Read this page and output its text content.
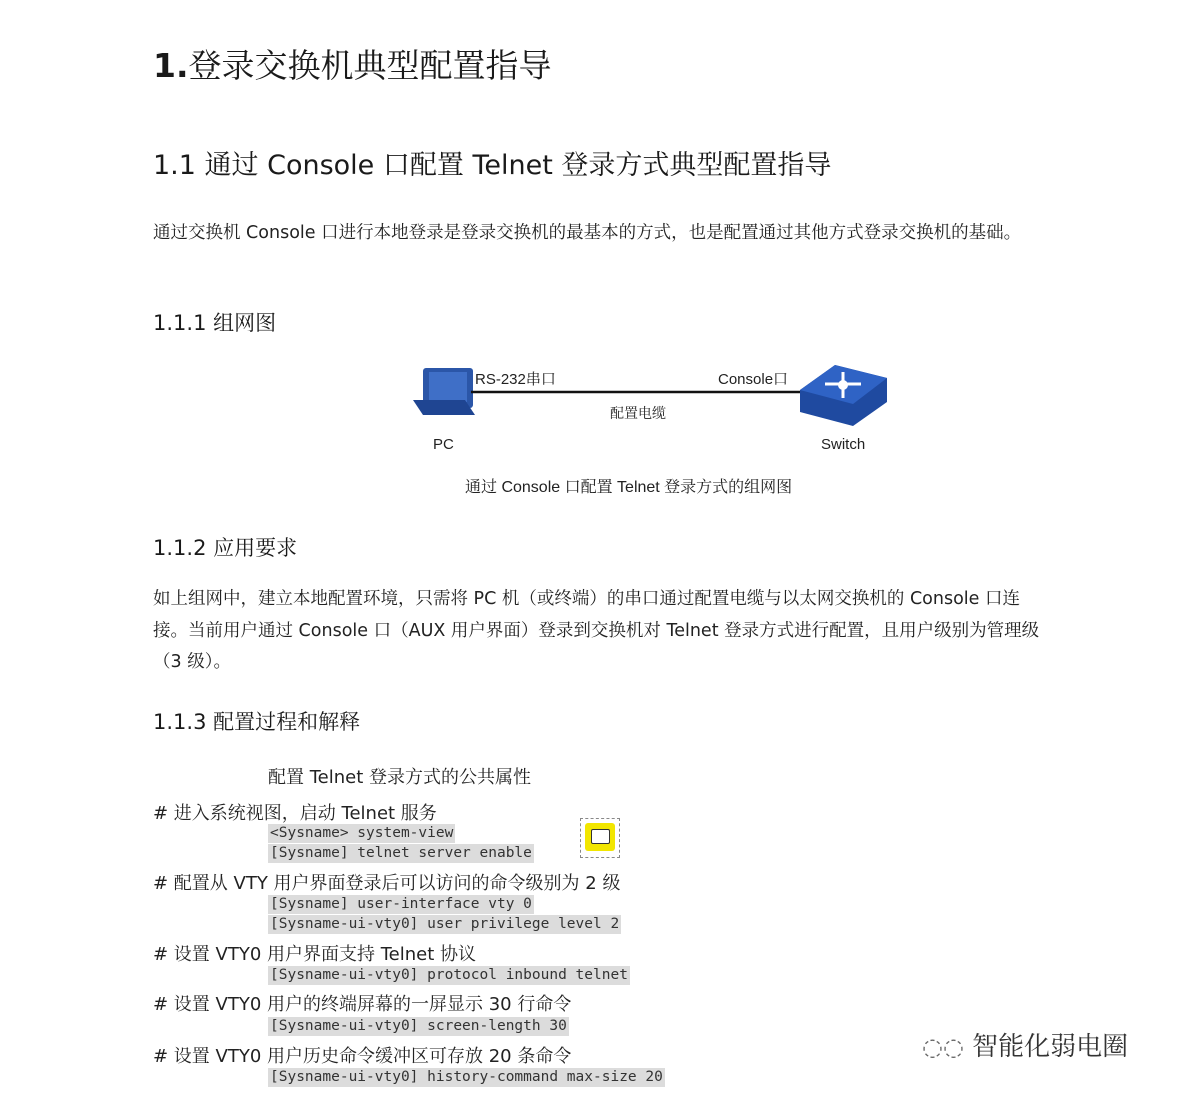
1.登录交换机典型配置指导
1.1 通过 Console 口配置 Telnet 登录方式典型配置指导
通过交换机 Console 口进行本地登录是登录交换机的最基本的方式，也是配置通过其他方式登录交换机的基础。
1.1.1 组网图
RS-232串口	Console口
配置电缆
PC	Switch
通过 Console 口配置 Telnet 登录方式的组网图
1.1.2 应用要求
如上组网中，建立本地配置环境，只需将 PC 机（或终端）的串口通过配置电缆与以太网交换机的 Console 口连接。当前用户通过 Console 口（AUX 用户界面）登录到交换机对 Telnet 登录方式进行配置，且用户级别为管理级（3 级）。
1.1.3 配置过程和解释
配置 Telnet 登录方式的公共属性
# 进入系统视图，启动 Telnet 服务
<Sysname> system-view
[Sysname] telnet server enable
# 配置从 VTY 用户界面登录后可以访问的命令级别为 2 级
[Sysname] user-interface vty 0
[Sysname-ui-vty0] user privilege level 2
# 设置 VTY0 用户界面支持 Telnet 协议
[Sysname-ui-vty0] protocol inbound telnet
# 设置 VTY0 用户的终端屏幕的一屏显示 30 行命令
[Sysname-ui-vty0] screen-length 30
# 设置 VTY0 用户历史命令缓冲区可存放 20 条命令
[Sysname-ui-vty0] history-command max-size 20
◌◌ 智能化弱电圈
